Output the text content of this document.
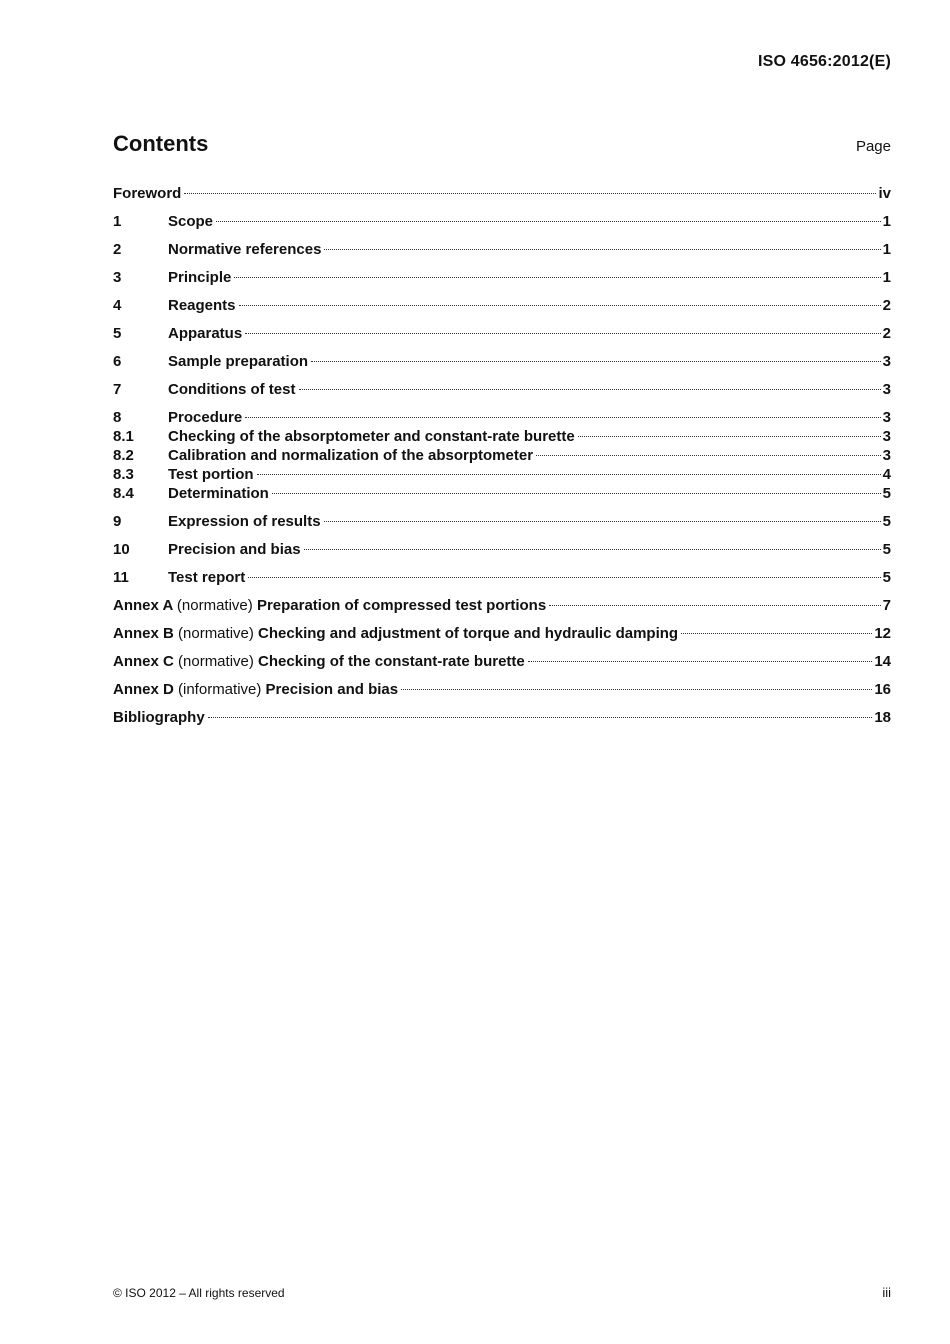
ISO 4656:2012(E)
Contents	Page
Foreword	iv
1	Scope	1
2	Normative references	1
3	Principle	1
4	Reagents	2
5	Apparatus	2
6	Sample preparation	3
7	Conditions of test	3
8	Procedure	3
8.1	Checking of the absorptometer and constant-rate burette	3
8.2	Calibration and normalization of the absorptometer	3
8.3	Test portion	4
8.4	Determination	5
9	Expression of results	5
10	Precision and bias	5
11	Test report	5
Annex A (normative) Preparation of compressed test portions	7
Annex B (normative) Checking and adjustment of torque and hydraulic damping	12
Annex C (normative) Checking of the constant-rate burette	14
Annex D (informative) Precision and bias	16
Bibliography	18
© ISO 2012 – All rights reserved	iii
